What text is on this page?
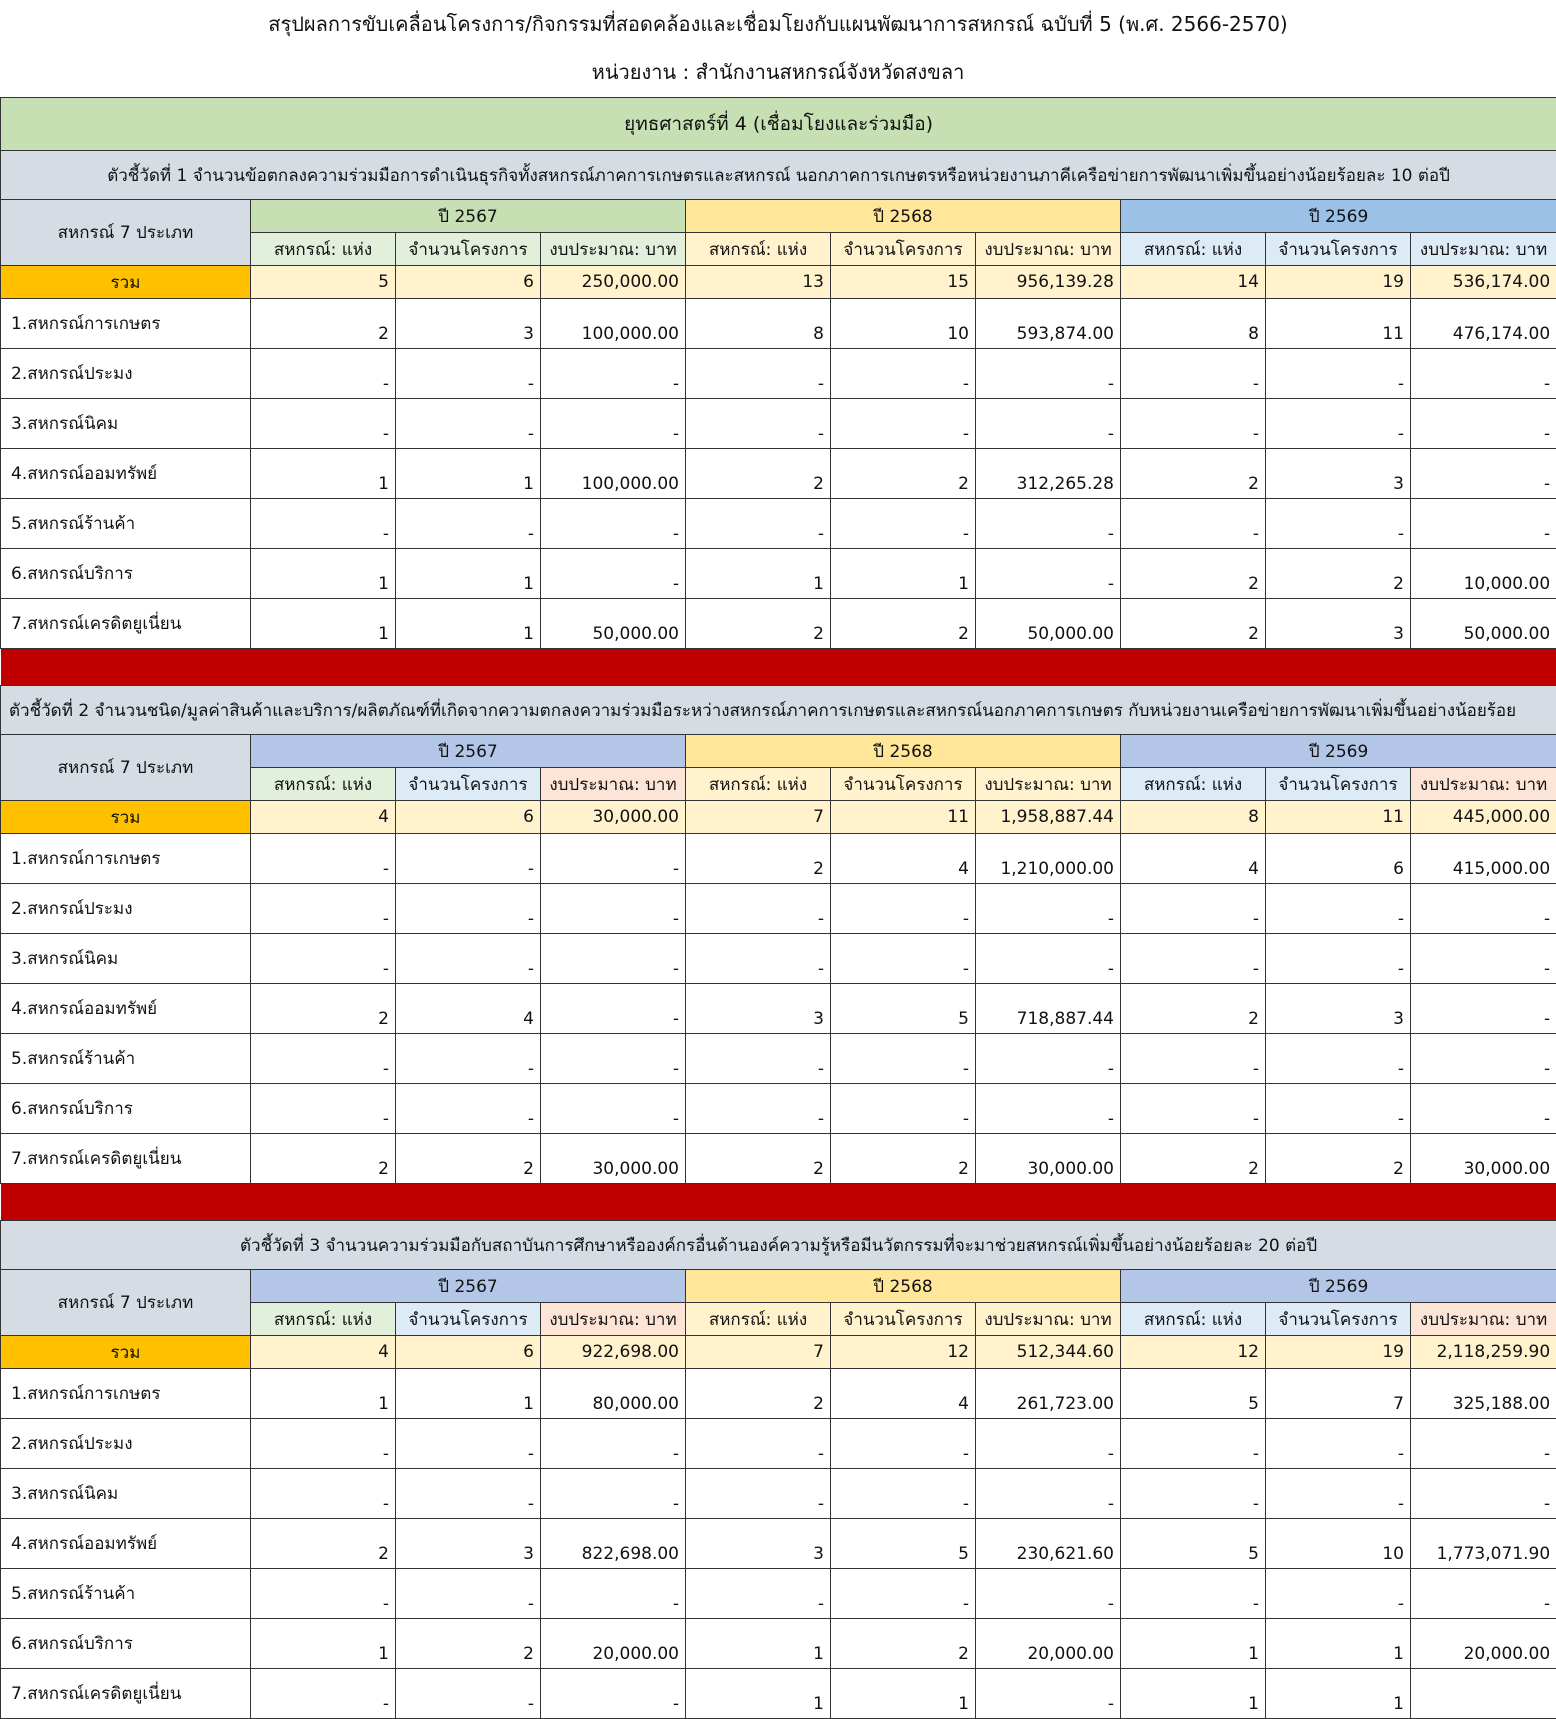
สรุปผลการขับเคลื่อนโครงการ/กิจกรรมที่สอดคล้องและเชื่อมโยงกับแผนพัฒนาการสหกรณ์ ฉบับที่ 5 (พ.ศ. 2566-2570)
หน่วยงาน : สำนักงานสหกรณ์จังหวัดสงขลา
ยุทธศาสตร์ที่ 4 (เชื่อมโยงและร่วมมือ)									
ตัวชี้วัดที่ 1 จำนวนข้อตกลงความร่วมมือการดำเนินธุรกิจทั้งสหกรณ์ภาคการเกษตรและสหกรณ์ นอกภาคการเกษตรหรือหน่วยงานภาคีเครือข่ายการพัฒนาเพิ่มขึ้นอย่างน้อยร้อยละ 10 ต่อปี									
สหกรณ์ 7 ประเภท	ปี 2567			ปี 2568			ปี 2569		
	สหกรณ์: แห่ง	จำนวนโครงการ	งบประมาณ: บาท	สหกรณ์: แห่ง	จำนวนโครงการ	งบประมาณ: บาท	สหกรณ์: แห่ง	จำนวนโครงการ	งบประมาณ: บาท
รวม	5	6	250,000.00	13	15	956,139.28	14	19	536,174.00
1.สหกรณ์การเกษตร	2	3	100,000.00	8	10	593,874.00	8	11	476,174.00
2.สหกรณ์ประมง	-	-	-	-	-	-	-	-	-
3.สหกรณ์นิคม	-	-	-	-	-	-	-	-	-
4.สหกรณ์ออมทรัพย์	1	1	100,000.00	2	2	312,265.28	2	3	-
5.สหกรณ์ร้านค้า	-	-	-	-	-	-	-	-	-
6.สหกรณ์บริการ	1	1	-	1	1	-	2	2	10,000.00
7.สหกรณ์เครดิตยูเนี่ยน	1	1	50,000.00	2	2	50,000.00	2	3	50,000.00

ตัวชี้วัดที่ 2 จำนวนชนิด/มูลค่าสินค้าและบริการ/ผลิตภัณฑ์ที่เกิดจากความตกลงความร่วมมือระหว่างสหกรณ์ภาคการเกษตรและสหกรณ์นอกภาคการเกษตร กับหน่วยงานเครือข่ายการพัฒนาเพิ่มขึ้นอย่างน้อยร้อย									
สหกรณ์ 7 ประเภท	ปี 2567			ปี 2568			ปี 2569		
	สหกรณ์: แห่ง	จำนวนโครงการ	งบประมาณ: บาท	สหกรณ์: แห่ง	จำนวนโครงการ	งบประมาณ: บาท	สหกรณ์: แห่ง	จำนวนโครงการ	งบประมาณ: บาท
รวม	4	6	30,000.00	7	11	1,958,887.44	8	11	445,000.00
1.สหกรณ์การเกษตร	-	-	-	2	4	1,210,000.00	4	6	415,000.00
2.สหกรณ์ประมง	-	-	-	-	-	-	-	-	-
3.สหกรณ์นิคม	-	-	-	-	-	-	-	-	-
4.สหกรณ์ออมทรัพย์	2	4	-	3	5	718,887.44	2	3	-
5.สหกรณ์ร้านค้า	-	-	-	-	-	-	-	-	-
6.สหกรณ์บริการ	-	-	-	-	-	-	-	-	-
7.สหกรณ์เครดิตยูเนี่ยน	2	2	30,000.00	2	2	30,000.00	2	2	30,000.00

ตัวชี้วัดที่ 3 จำนวนความร่วมมือกับสถาบันการศึกษาหรือองค์กรอื่นด้านองค์ความรู้หรือมีนวัตกรรมที่จะมาช่วยสหกรณ์เพิ่มขึ้นอย่างน้อยร้อยละ 20 ต่อปี									
สหกรณ์ 7 ประเภท	ปี 2567			ปี 2568			ปี 2569		
	สหกรณ์: แห่ง	จำนวนโครงการ	งบประมาณ: บาท	สหกรณ์: แห่ง	จำนวนโครงการ	งบประมาณ: บาท	สหกรณ์: แห่ง	จำนวนโครงการ	งบประมาณ: บาท
รวม	4	6	922,698.00	7	12	512,344.60	12	19	2,118,259.90
1.สหกรณ์การเกษตร	1	1	80,000.00	2	4	261,723.00	5	7	325,188.00
2.สหกรณ์ประมง	-	-	-	-	-	-	-	-	-
3.สหกรณ์นิคม	-	-	-	-	-	-	-	-	-
4.สหกรณ์ออมทรัพย์	2	3	822,698.00	3	5	230,621.60	5	10	1,773,071.90
5.สหกรณ์ร้านค้า	-	-	-	-	-	-	-	-	-
6.สหกรณ์บริการ	1	2	20,000.00	1	2	20,000.00	1	1	20,000.00
7.สหกรณ์เครดิตยูเนี่ยน	-	-	-	1	1	-	1	1	
